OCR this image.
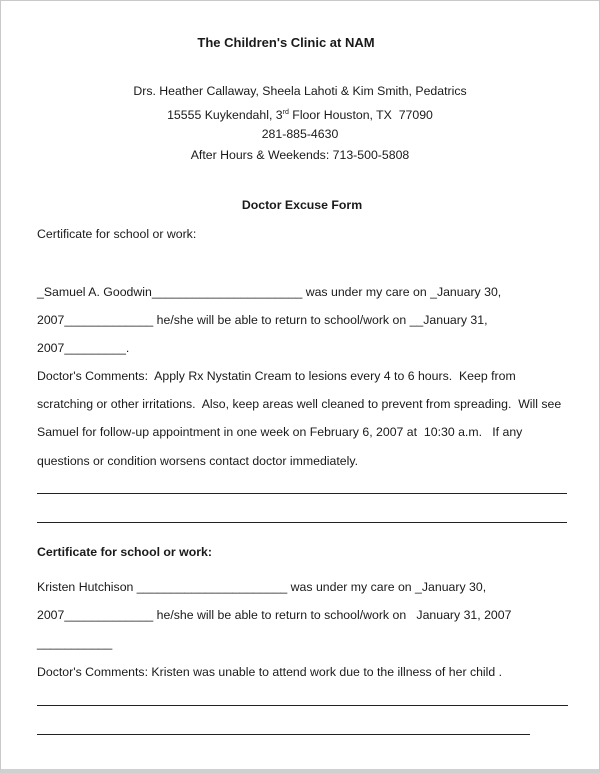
The Children's Clinic at NAM
Drs. Heather Callaway, Sheela Lahoti & Kim Smith, Pedatrics
15555 Kuykendahl, 3rd Floor Houston, TX  77090
281-885-4630
After Hours & Weekends: 713-500-5808
Doctor Excuse Form
Certificate for school or work:
_Samuel A. Goodwin______________________ was under my care on _January 30,
2007_____________ he/she will be able to return to school/work on __January 31,
2007_________.
Doctor's Comments:  Apply Rx Nystatin Cream to lesions every 4 to 6 hours.  Keep from
scratching or other irritations.  Also, keep areas well cleaned to prevent from spreading.  Will see
Samuel for follow-up appointment in one week on February 6, 2007 at  10:30 a.m.   If any
questions or condition worsens contact doctor immediately.
Certificate for school or work:
Kristen Hutchison ______________________ was under my care on _January 30,
2007_____________ he/she will be able to return to school/work on   January 31, 2007
___________
Doctor's Comments: Kristen was unable to attend work due to the illness of her child .
